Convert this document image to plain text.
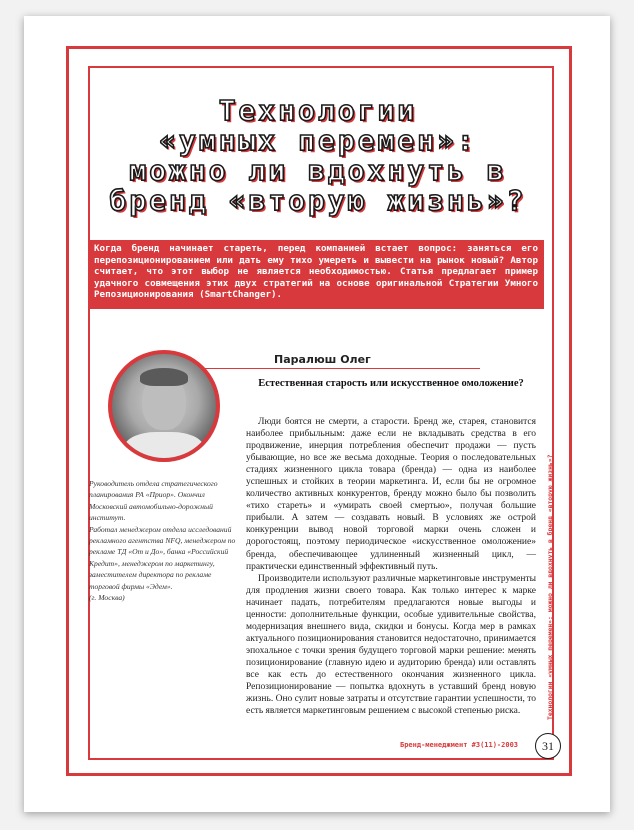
Технологии
«умных перемен»:
можно ли вдохнуть в
бренд «вторую жизнь»?
Когда бренд начинает стареть, перед компанией встает вопрос: заняться его перепозиционированием или дать ему тихо умереть и вывести на рынок новый? Автор считает, что этот выбор не является необходимостью. Статья предлагает пример удачного совмещения этих двух стратегий на основе оригинальной Стратегии Умного Репозиционирования (SmartChanger).
Паралюш Олег

Руководитель отдела стратегического планирования РА «Приор». Окончил Московский автомобильно-дорожный институт.

Работал менеджером отдела исследований рекламного агентства NFQ, менеджером по рекламе ТД «От и До», банка «Российский Кредит», менеджером по маркетингу, заместителем директора по рекламе торговой фирмы «Эдем».

(г. Москва)

Естественная старость или искусственное омоложение?

Люди боятся не смерти, а старости. Бренд же, старея, становится наиболее прибыльным: даже если не вкладывать средства в его продвижение, инерция потребления обеспечит продажи — пусть убывающие, но все же весьма доходные. Теория о последовательных стадиях жизненного цикла товара (бренда) — одна из наиболее успешных и стойких в теории маркетинга. И, если бы не огромное количество активных конкурентов, бренду можно было бы позволить «тихо стареть» и «умирать своей смертью», получая большие прибыли. А затем — создавать новый. В условиях же острой конкуренции вывод новой торговой марки очень сложен и дорогостоящ, поэтому периодическое «искусственное омоложение» бренда, обеспечивающее удлиненный жизненный цикл, — практически единственный эффективный путь.

Производители используют различные маркетинговые инструменты для продления жизни своего товара. Как только интерес к марке начинает падать, потребителям предлагаются новые выгоды и ценности: дополнительные функции, особые удивительные свойства, модернизация внешнего вида, скидки и бонусы. Когда мер в рамках актуального позиционирования становится недостаточно, принимается эпохальное с точки зрения будущего торговой марки решение: менять позиционирование (главную идею и аудиторию бренда) или оставлять все как есть до естественного окончания жизненного цикла. Репозиционирование — попытка вдохнуть в уставший бренд новую жизнь. Оно сулит новые затраты и отсутствие гарантии успешности, то есть является маркетинговым решением с высокой степенью риска.	Технологии «умных перемен»: можно ли вдохнуть в бренд «вторую жизнь»?
Бренд-менеджмент #3(11)-2003	31
